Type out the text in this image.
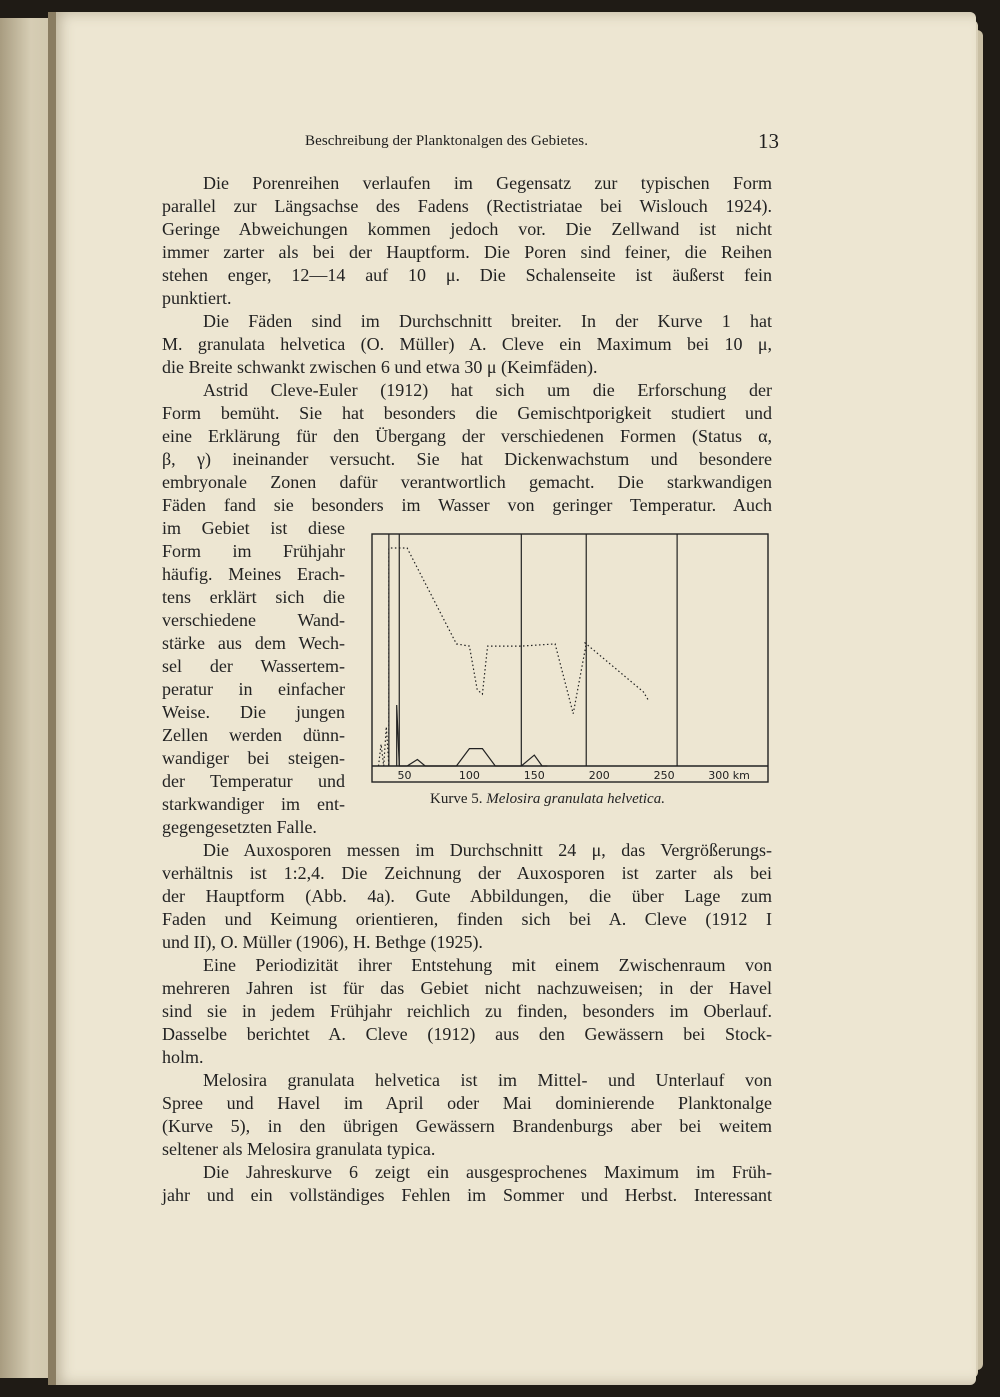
Beschreibung der Planktonalgen des Gebietes.	13
Die Porenreihen verlaufen im Gegensatz zur typischen Form
parallel zur Längsachse des Fadens (Rectistriatae bei Wislouch 1924).
Geringe Abweichungen kommen jedoch vor. Die Zellwand ist nicht
immer zarter als bei der Hauptform. Die Poren sind feiner, die Reihen
stehen enger, 12—14 auf 10 μ. Die Schalenseite ist äußerst fein
punktiert.
Die Fäden sind im Durchschnitt breiter. In der Kurve 1 hat
M. granulata helvetica (O. Müller) A. Cleve ein Maximum bei 10 μ,
die Breite schwankt zwischen 6 und etwa 30 μ (Keimfäden).
Astrid Cleve-Euler (1912) hat sich um die Erforschung der
Form bemüht. Sie hat besonders die Gemischtporigkeit studiert und
eine Erklärung für den Übergang der verschiedenen Formen (Status α,
β, γ) ineinander versucht. Sie hat Dickenwachstum und besondere
embryonale Zonen dafür verantwortlich gemacht. Die starkwandigen
Fäden fand sie besonders im Wasser von geringer Temperatur. Auch
im Gebiet ist diese
Form im Frühjahr
häufig. Meines Erach-
tens erklärt sich die
verschiedene Wand-
stärke aus dem Wech-
sel der Wassertem-
peratur in einfacher
Weise. Die jungen
Zellen werden dünn-
wandiger bei steigen-
der Temperatur und
starkwandiger im ent-
gegengesetzten Falle.
Die Auxosporen messen im Durchschnitt 24 μ, das Vergrößerungs-
verhältnis ist 1:2,4. Die Zeichnung der Auxosporen ist zarter als bei
der Hauptform (Abb. 4a). Gute Abbildungen, die über Lage zum
Faden und Keimung orientieren, finden sich bei A. Cleve (1912 I
und II), O. Müller (1906), H. Bethge (1925).
Eine Periodizität ihrer Entstehung mit einem Zwischenraum von
mehreren Jahren ist für das Gebiet nicht nachzuweisen; in der Havel
sind sie in jedem Frühjahr reichlich zu finden, besonders im Oberlauf.
Dasselbe berichtet A. Cleve (1912) aus den Gewässern bei Stock-
holm.
Melosira granulata helvetica ist im Mittel- und Unterlauf von
Spree und Havel im April oder Mai dominierende Planktonalge
(Kurve 5), in den übrigen Gewässern Brandenburgs aber bei weitem
seltener als Melosira granulata typica.
Die Jahreskurve 6 zeigt ein ausgesprochenes Maximum im Früh-
jahr und ein vollständiges Fehlen im Sommer und Herbst. Interessant
50	100	150	200	250	300 km
Kurve 5. Melosira granulata helvetica.
